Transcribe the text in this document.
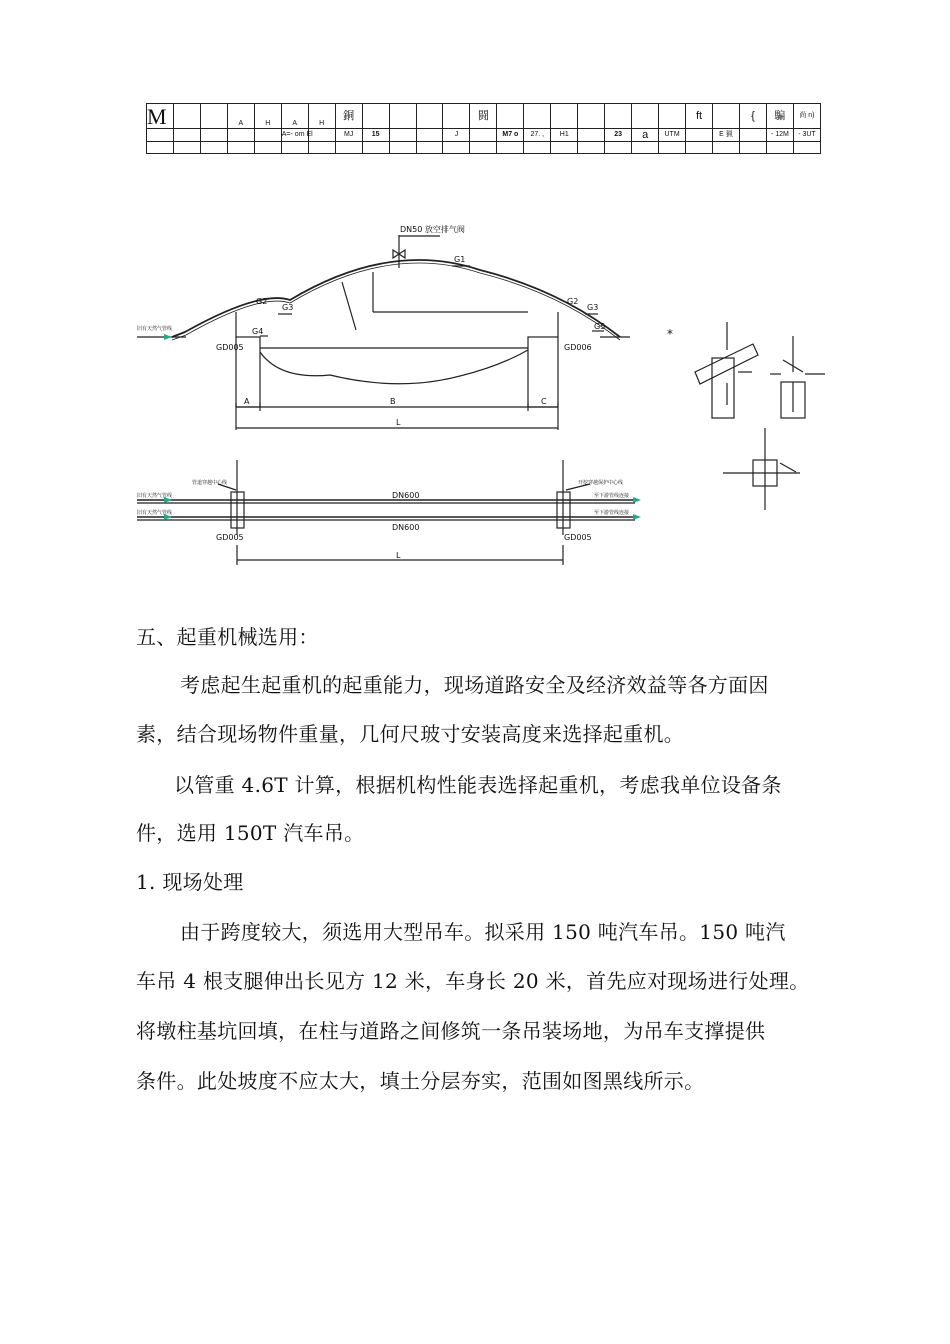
M			A	H	A	H	銅					闘								ft		{	騙	尚 n)
					A=- om El		MJ	15			J		M7 o	27. ,	H1		23	a	UTM		E 猟		- 12M	- 3UT

DN50 放空排气阀
G1
G2
G3
G2
G3
G4
G5
GD005	GD006
A	B	C
L
GD005	GD005
DN600
DN600
L
*
旧有天然气管线
旧有天然气管线
旧有天然气管线
管道穿越中心线	开挖穿越保护中心线
至下游管线连接
至下游管线连接
五、起重机械选用：
考虑起生起重机的起重能力，现场道路安全及经济效益等各方面因
素，结合现场物件重量，几何尺玻寸安装高度来选择起重机。
以管重 4.6T 计算，根据机构性能表选择起重机，考虑我单位设备条
件，选用 150T 汽车吊。
1. 现场处理
由于跨度较大，须选用大型吊车。拟采用 150 吨汽车吊。150 吨汽
车吊 4 根支腿伸出长见方 12 米，车身长 20 米，首先应对现场进行处理。
将墩柱基坑回填，在柱与道路之间修筑一条吊装场地，为吊车支撑提供
条件。此处坡度不应太大，填土分层夯实，范围如图黑线所示。
